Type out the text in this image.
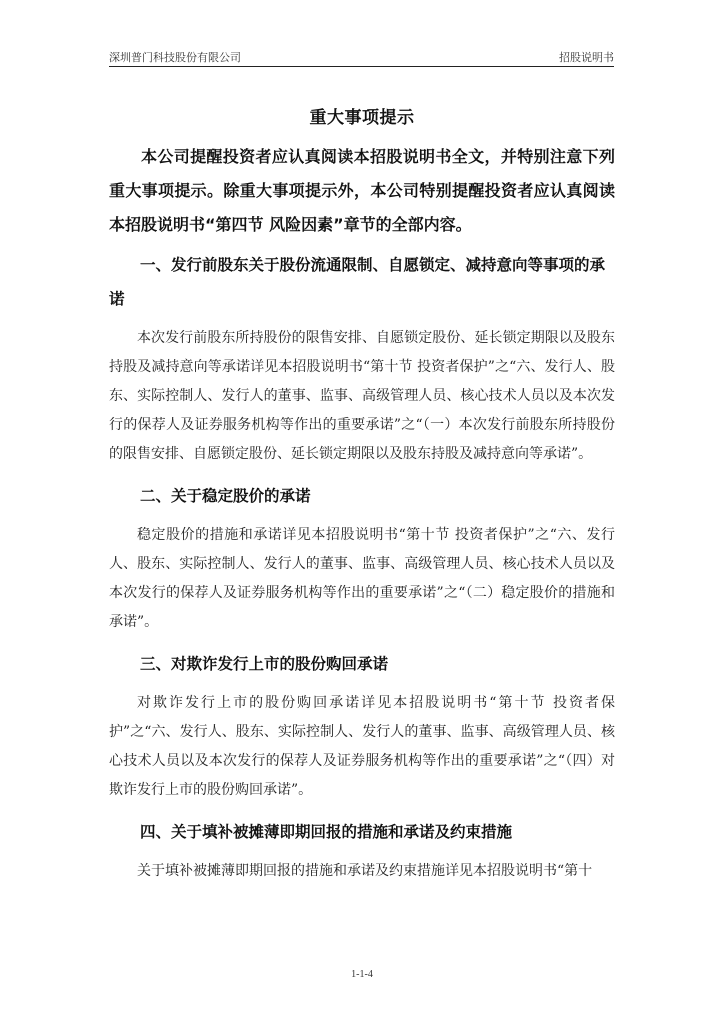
深圳普门科技股份有限公司	招股说明书
重大事项提示

本公司提醒投资者应认真阅读本招股说明书全文，并特别注意下列重大事项提示。除重大事项提示外，本公司特别提醒投资者应认真阅读本招股说明书“第四节 风险因素”章节的全部内容。

一、发行前股东关于股份流通限制、自愿锁定、减持意向等事项的承诺

本次发行前股东所持股份的限售安排、自愿锁定股份、延长锁定期限以及股东持股及减持意向等承诺详见本招股说明书“第十节 投资者保护”之“六、发行人、股东、实际控制人、发行人的董事、监事、高级管理人员、核心技术人员以及本次发行的保荐人及证券服务机构等作出的重要承诺”之“（一）本次发行前股东所持股份的限售安排、自愿锁定股份、延长锁定期限以及股东持股及减持意向等承诺”。

二、关于稳定股价的承诺

稳定股价的措施和承诺详见本招股说明书“第十节 投资者保护”之“六、发行人、股东、实际控制人、发行人的董事、监事、高级管理人员、核心技术人员以及本次发行的保荐人及证券服务机构等作出的重要承诺”之“（二）稳定股价的措施和承诺”。

三、对欺诈发行上市的股份购回承诺

对欺诈发行上市的股份购回承诺详见本招股说明书“第十节 投资者保护”之“六、发行人、股东、实际控制人、发行人的董事、监事、高级管理人员、核心技术人员以及本次发行的保荐人及证券服务机构等作出的重要承诺”之“（四）对欺诈发行上市的股份购回承诺”。

四、关于填补被摊薄即期回报的措施和承诺及约束措施

关于填补被摊薄即期回报的措施和承诺及约束措施详见本招股说明书“第十

1-1-4
